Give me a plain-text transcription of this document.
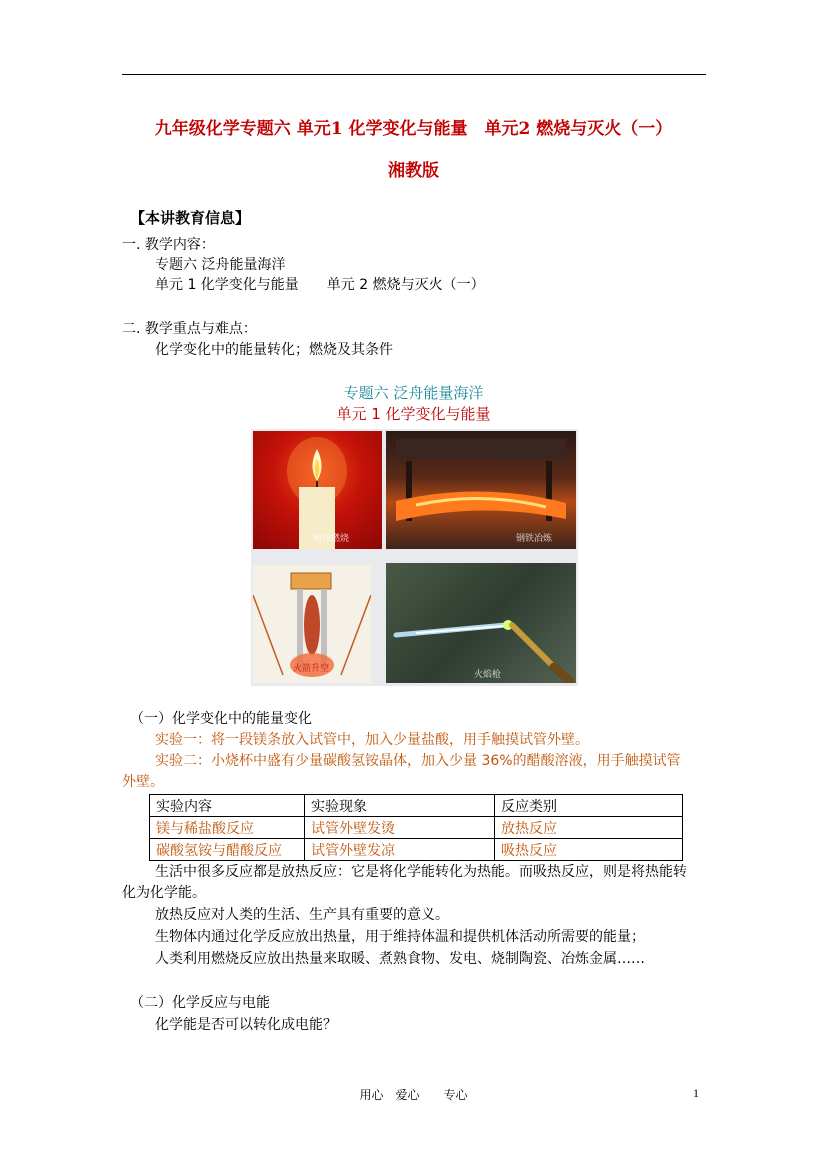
九年级化学专题六 单元1 化学变化与能量　单元2 燃烧与灭火（一）
湘教版
【本讲教育信息】
一. 教学内容：
专题六 泛舟能量海洋
单元 1 化学变化与能量　　单元 2 燃烧与灭火（一）
二. 教学重点与难点：
化学变化中的能量转化；燃烧及其条件
专题六 泛舟能量海洋
单元 1 化学变化与能量
蜡烛燃烧	钢铁冶炼
火箭升空
火焰枪
（一）化学变化中的能量变化
实验一：将一段镁条放入试管中，加入少量盐酸，用手触摸试管外壁。
实验二：小烧杯中盛有少量碳酸氢铵晶体，加入少量 36%的醋酸溶液，用手触摸试管
外壁。
实验内容	实验现象	反应类别
镁与稀盐酸反应	试管外壁发烫	放热反应
碳酸氢铵与醋酸反应	试管外壁发凉	吸热反应
生活中很多反应都是放热反应：它是将化学能转化为热能。而吸热反应，则是将热能转
化为化学能。
放热反应对人类的生活、生产具有重要的意义。
生物体内通过化学反应放出热量，用于维持体温和提供机体活动所需要的能量；
人类利用燃烧反应放出热量来取暖、煮熟食物、发电、烧制陶瓷、冶炼金属……
（二）化学反应与电能
化学能是否可以转化成电能？
用心　爱心　　专心	1
